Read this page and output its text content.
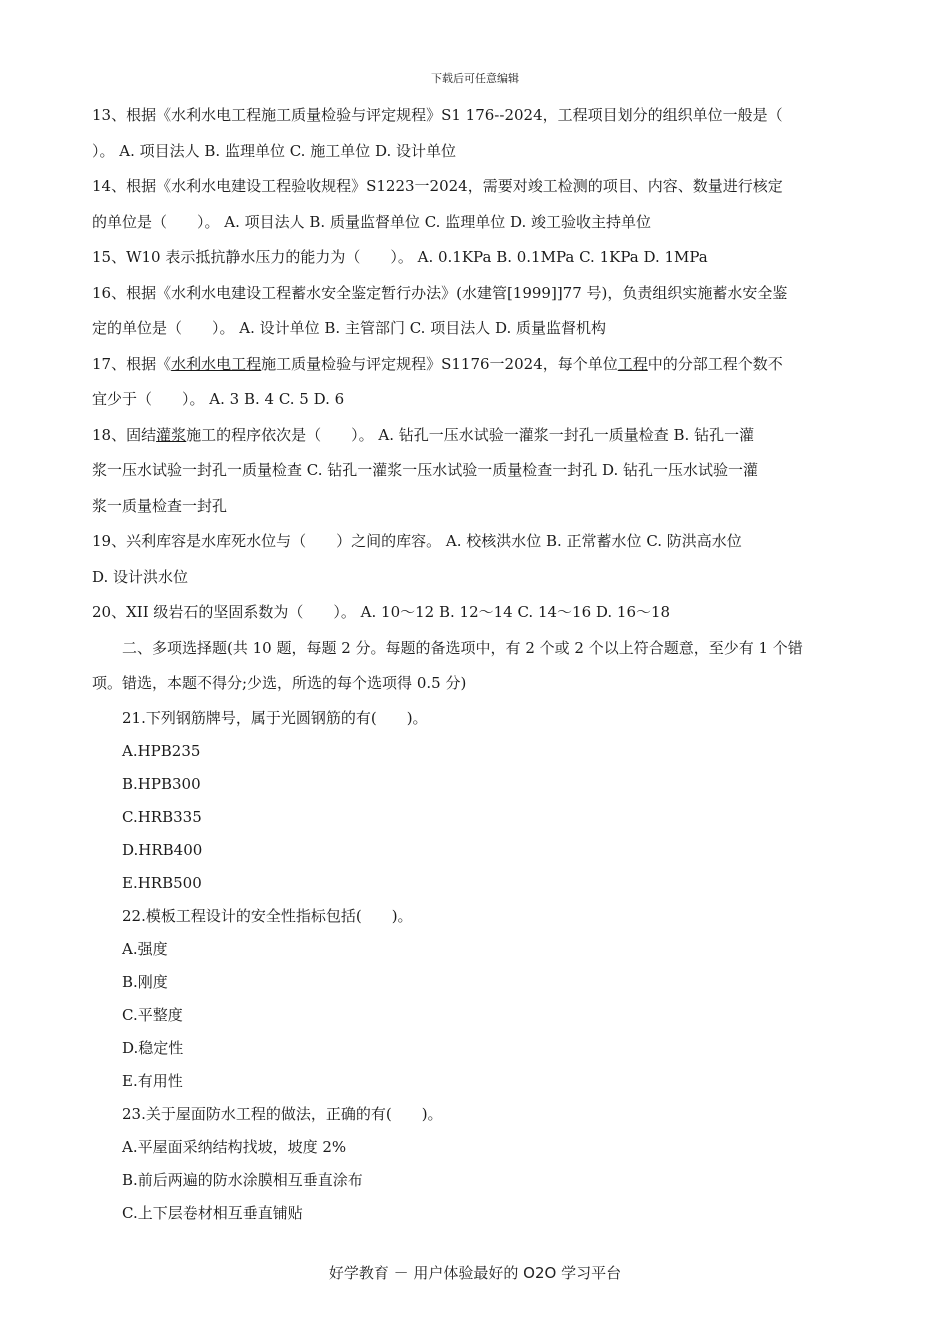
下载后可任意编辑
13、根据《水利水电工程施工质量检验与评定规程》S1 176--2024，工程项目划分的组织单位一般是（
）。 A. 项目法人 B. 监理单位 C. 施工单位 D. 设计单位
14、根据《水利水电建设工程验收规程》S1223一2024，需要对竣工检测的项目、内容、数量进行核定
的单位是（　　）。 A. 项目法人 B. 质量监督单位 C. 监理单位 D. 竣工验收主持单位
15、W10 表示抵抗静水压力的能力为（　　）。 A. 0.1KPa B. 0.1MPa C. 1KPa D. 1MPa
16、根据《水利水电建设工程蓄水安全鉴定暂行办法》(水建管[1999]]77 号)，负责组织实施蓄水安全鉴
定的单位是（　　）。 A. 设计单位 B. 主管部门 C. 项目法人 D. 质量监督机构
17、根据《水利水电工程施工质量检验与评定规程》S1176一2024，每个单位工程中的分部工程个数不
宜少于（　　）。 A. 3 B. 4 C. 5 D. 6
18、固结灌浆施工的程序依次是（　　）。 A. 钻孔一压水试验一灌浆一封孔一质量检查 B. 钻孔一灌
浆一压水试验一封孔一质量检查 C. 钻孔一灌浆一压水试验一质量检查一封孔 D. 钻孔一压水试验一灌
浆一质量检查一封孔
19、兴利库容是水库死水位与（　　）之间的库容。 A. 校核洪水位 B. 正常蓄水位 C. 防洪高水位
D. 设计洪水位
20、XII 级岩石的坚固系数为（　　）。 A. 10～12 B. 12～14 C. 14～16 D. 16～18
二、多项选择题(共 10 题，每题 2 分。每题的备选项中，有 2 个或 2 个以上符合题意，至少有 1 个错
项。错选，本题不得分;少选，所选的每个选项得 0.5 分)
21.下列钢筋牌号，属于光圆钢筋的有(　　)。
A.HPB235
B.HPB300
C.HRB335
D.HRB400
E.HRB500
22.模板工程设计的安全性指标包括(　　)。
A.强度
B.刚度
C.平整度
D.稳定性
E.有用性
23.关于屋面防水工程的做法，正确的有(　　)。
A.平屋面采纳结构找坡，坡度 2%
B.前后两遍的防水涂膜相互垂直涂布
C.上下层卷材相互垂直铺贴
好学教育 － 用户体验最好的 O2O 学习平台
